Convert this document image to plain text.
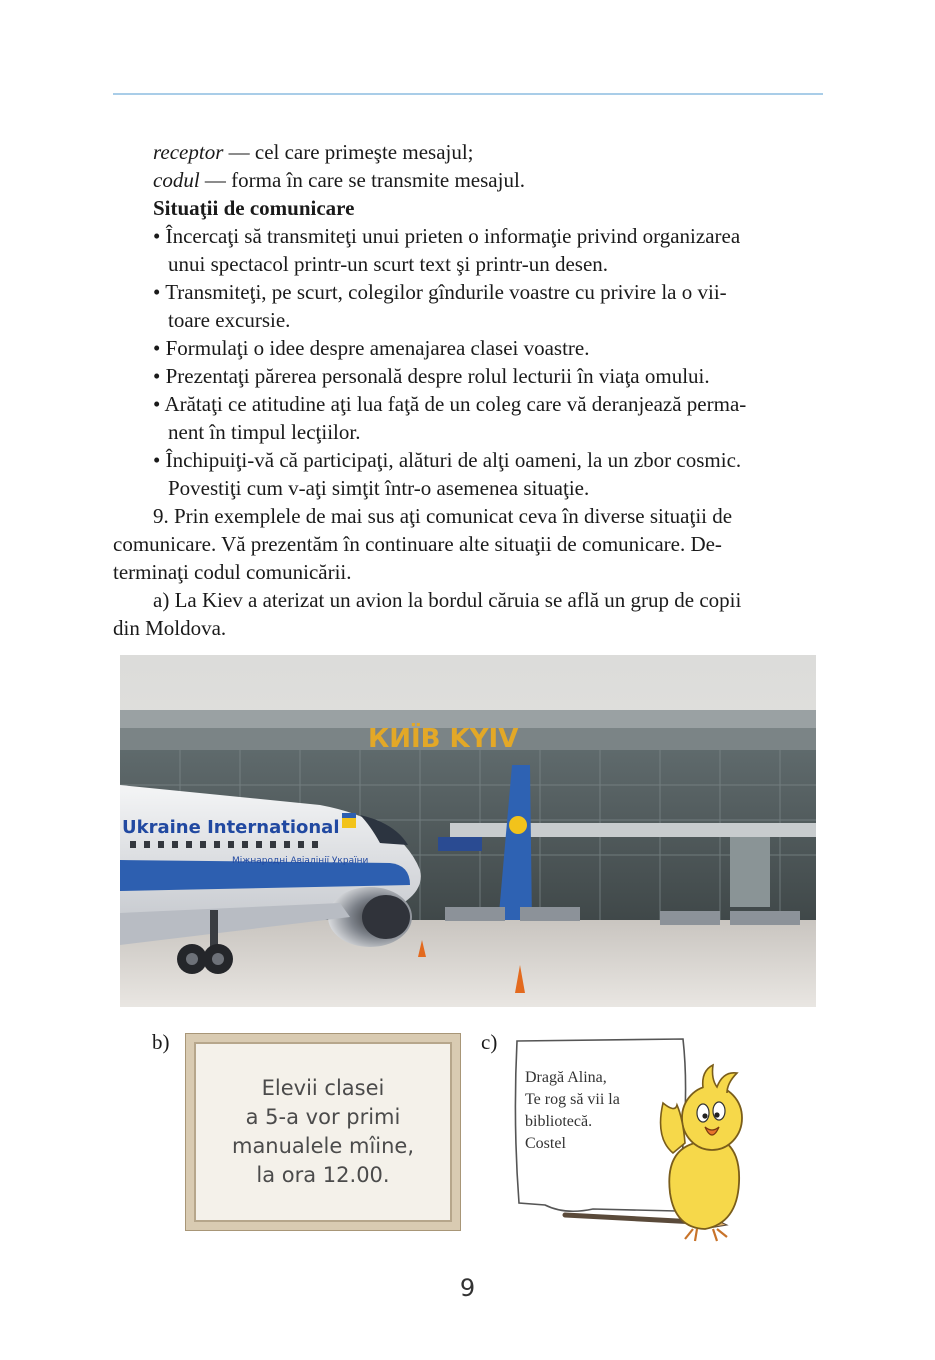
receptor — cel care primeşte mesajul;
codul — forma în care se transmite mesajul.
Situaţii de comunicare
• Încercaţi să transmiteţi unui prieten o informaţie privind organizarea
unui spectacol printr-un scurt text şi printr-un desen.
• Transmiteţi, pe scurt, colegilor gîndurile voastre cu privire la o vii-
toare excursie.
• Formulaţi o idee despre amenajarea clasei voastre.
• Prezentaţi părerea personală despre rolul lecturii în viaţa omului.
• Arătaţi ce atitudine aţi lua faţă de un coleg care vă deranjează perma-
nent în timpul lecţiilor.
• Închipuiţi-vă că participaţi, alături de alţi oameni, la un zbor cosmic.
Povestiţi cum v-aţi simţit într-o asemenea situaţie.
9. Prin exemplele de mai sus aţi comunicat ceva în diverse situaţii de
comunicare. Vă prezentăm în continuare alte situaţii de comunicare. De-
terminaţi codul comunicării.
a) La Kiev a aterizat un avion la bordul căruia se află un grup de copii
din Moldova.
КИЇВ KYIV
Ukraine International
Міжнародні Авіалінії України
b)
Elevii clasei
a 5-a vor primi
manualele mîine,
la ora 12.00.
c)
Dragă Alina,
Te rog să vii la
bibliotecă.
Costel
9
